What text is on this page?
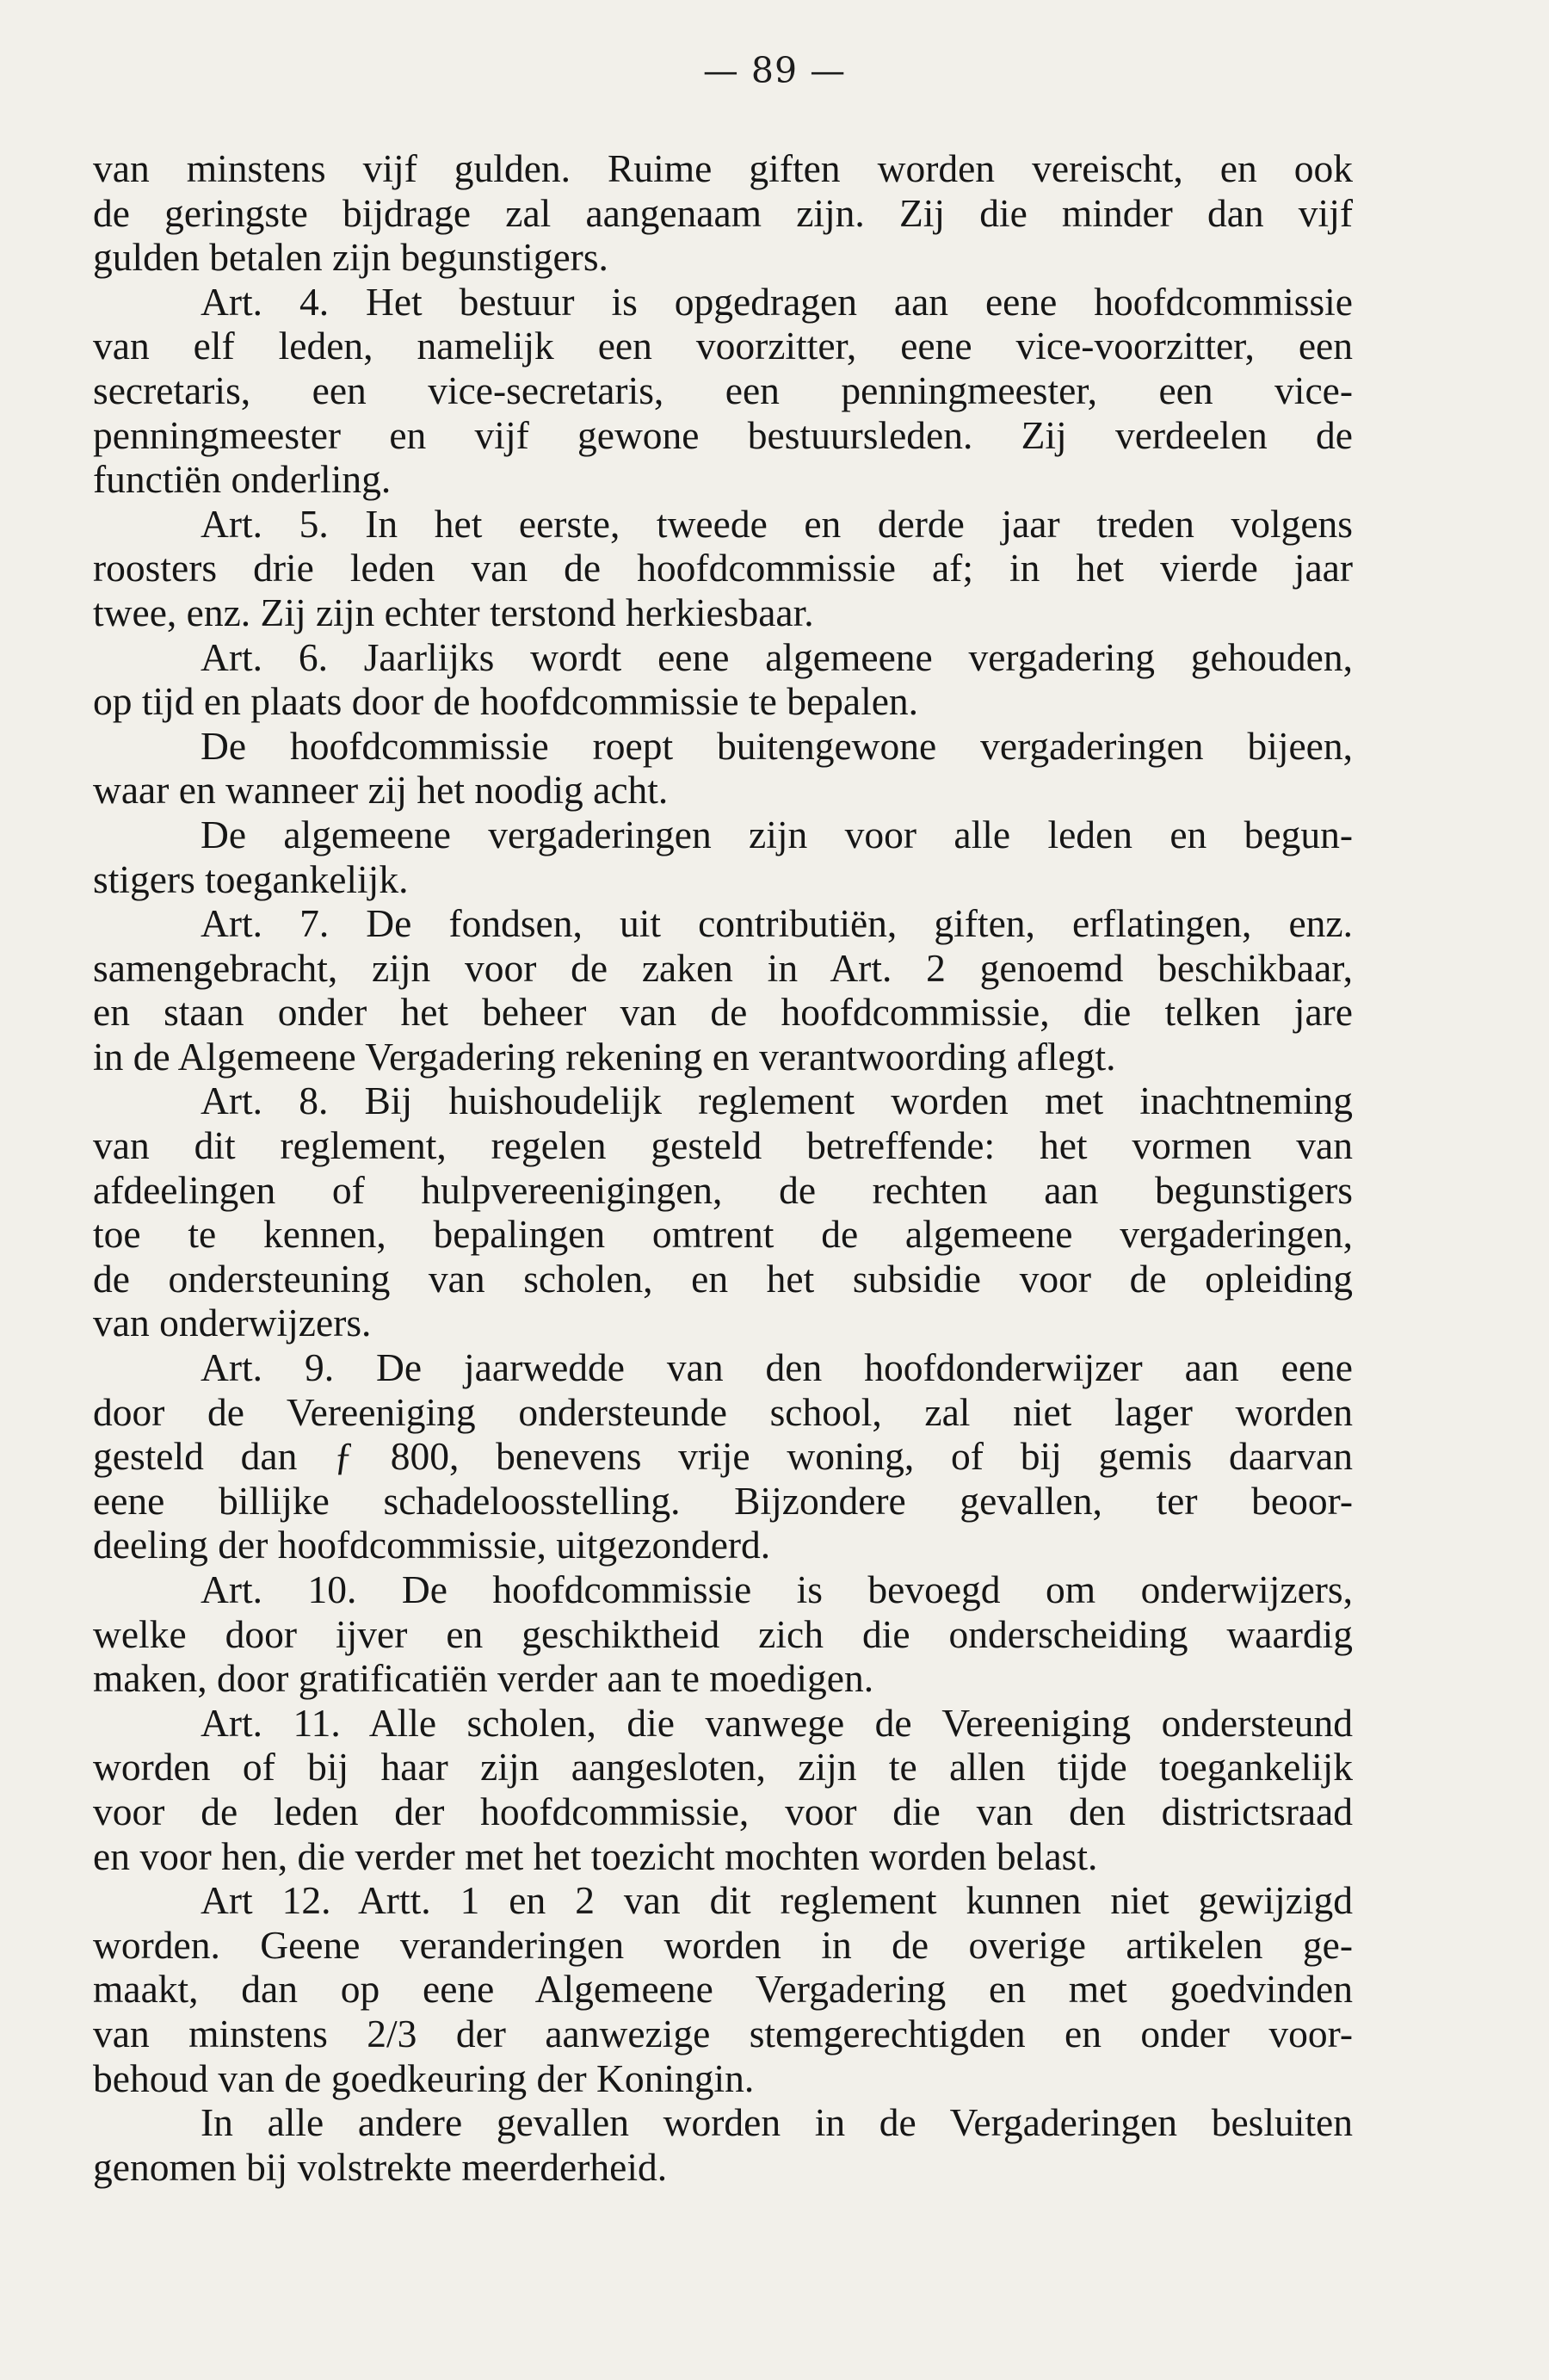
— 89 —
van minstens vijf gulden. Ruime giften worden vereischt, en ook
de geringste bijdrage zal aangenaam zijn. Zij die minder dan vijf
gulden betalen zijn begunstigers.
Art. 4. Het bestuur is opgedragen aan eene hoofdcommissie
van elf leden, namelijk een voorzitter, eene vice-voorzitter, een
secretaris, een vice-secretaris, een penningmeester, een vice-
penningmeester en vijf gewone bestuursleden. Zij verdeelen de
functiën onderling.
Art. 5. In het eerste, tweede en derde jaar treden volgens
roosters drie leden van de hoofdcommissie af; in het vierde jaar
twee, enz. Zij zijn echter terstond herkiesbaar.
Art. 6. Jaarlijks wordt eene algemeene vergadering gehouden,
op tijd en plaats door de hoofdcommissie te bepalen.
De hoofdcommissie roept buitengewone vergaderingen bijeen,
waar en wanneer zij het noodig acht.
De algemeene vergaderingen zijn voor alle leden en begun-
stigers toegankelijk.
Art. 7. De fondsen, uit contributiën, giften, erflatingen, enz.
samengebracht, zijn voor de zaken in Art. 2 genoemd beschikbaar,
en staan onder het beheer van de hoofdcommissie, die telken jare
in de Algemeene Vergadering rekening en verantwoording aflegt.
Art. 8. Bij huishoudelijk reglement worden met inachtneming
van dit reglement, regelen gesteld betreffende: het vormen van
afdeelingen of hulpvereenigingen, de rechten aan begunstigers
toe te kennen, bepalingen omtrent de algemeene vergaderingen,
de ondersteuning van scholen, en het subsidie voor de opleiding
van onderwijzers.
Art. 9. De jaarwedde van den hoofdonderwijzer aan eene
door de Vereeniging ondersteunde school, zal niet lager worden
gesteld dan ƒ 800, benevens vrije woning, of bij gemis daarvan
eene billijke schadeloosstelling. Bijzondere gevallen, ter beoor-
deeling der hoofdcommissie, uitgezonderd.
Art. 10. De hoofdcommissie is bevoegd om onderwijzers,
welke door ijver en geschiktheid zich die onderscheiding waardig
maken, door gratificatiën verder aan te moedigen.
Art. 11. Alle scholen, die vanwege de Vereeniging ondersteund
worden of bij haar zijn aangesloten, zijn te allen tijde toegankelijk
voor de leden der hoofdcommissie, voor die van den districtsraad
en voor hen, die verder met het toezicht mochten worden belast.
Art 12. Artt. 1 en 2 van dit reglement kunnen niet gewijzigd
worden. Geene veranderingen worden in de overige artikelen ge-
maakt, dan op eene Algemeene Vergadering en met goedvinden
van minstens 2/3 der aanwezige stemgerechtigden en onder voor-
behoud van de goedkeuring der Koningin.
In alle andere gevallen worden in de Vergaderingen besluiten
genomen bij volstrekte meerderheid.
